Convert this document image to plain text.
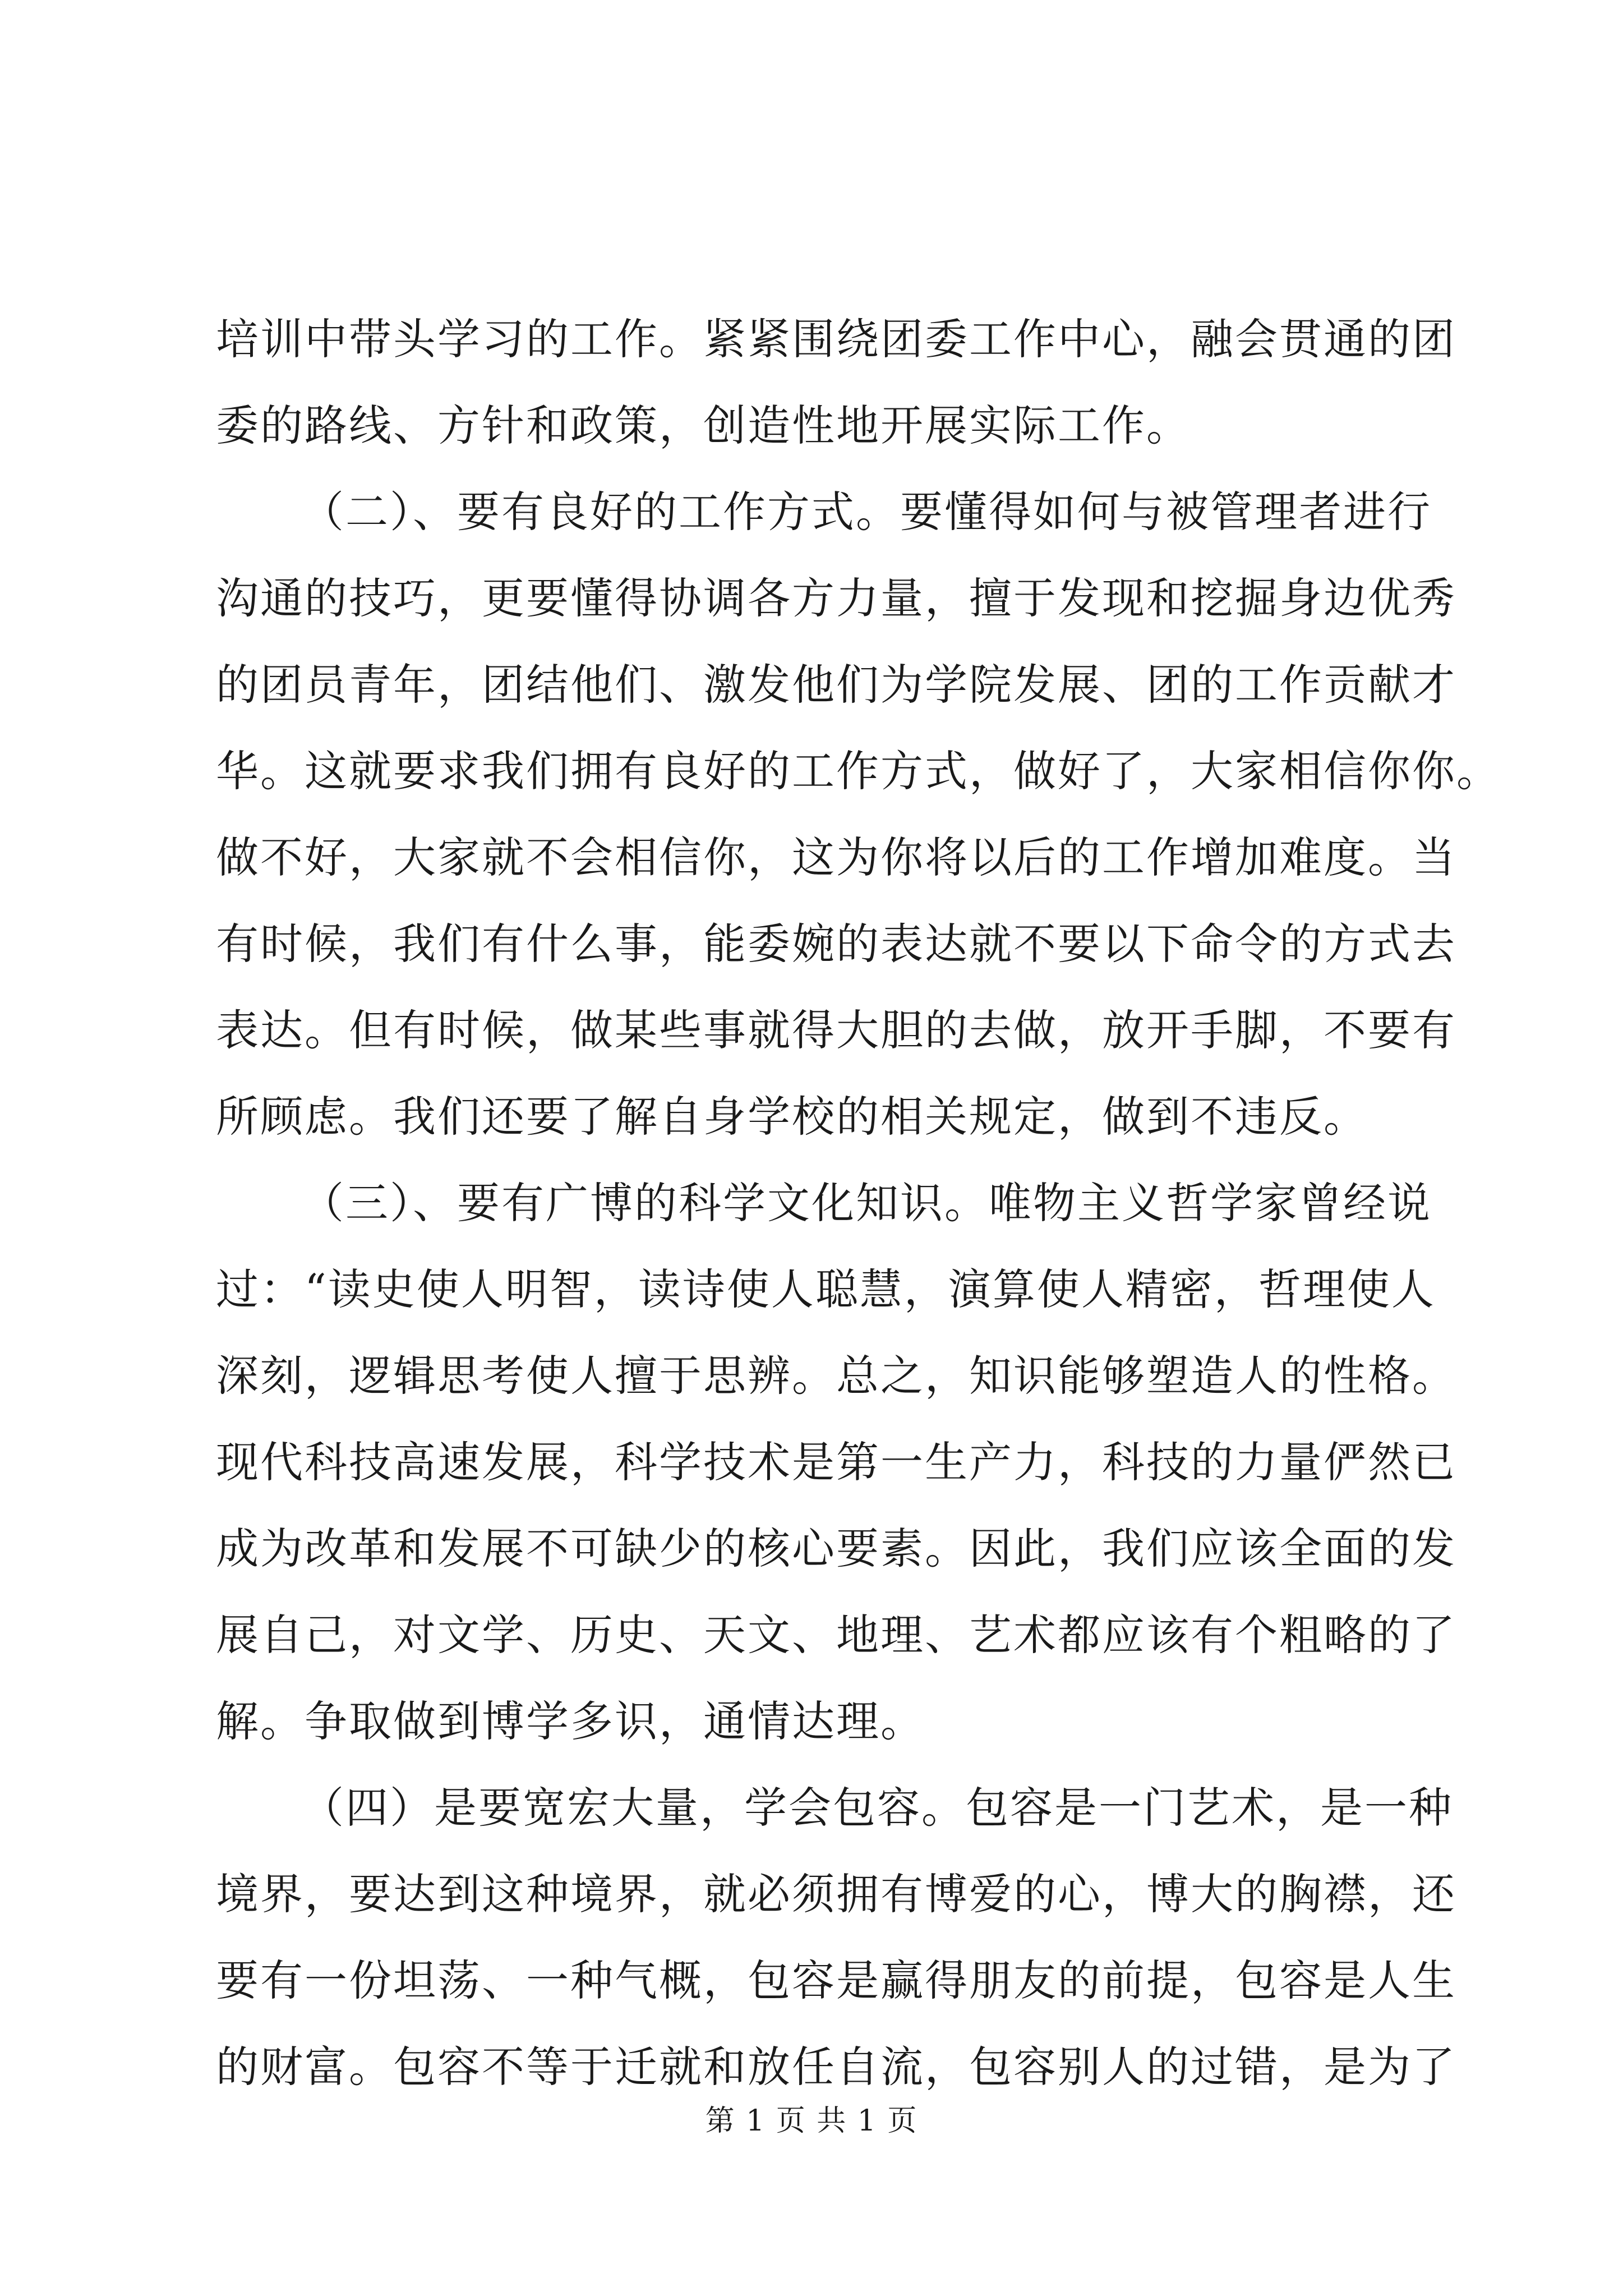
培训中带头学习的工作。紧紧围绕团委工作中心，融会贯通的团
委的路线、方针和政策，创造性地开展实际工作。
（二）、要有良好的工作方式。要懂得如何与被管理者进行
沟通的技巧，更要懂得协调各方力量，擅于发现和挖掘身边优秀
的团员青年，团结他们、激发他们为学院发展、团的工作贡献才
华。这就要求我们拥有良好的工作方式，做好了，大家相信你你。
做不好，大家就不会相信你，这为你将以后的工作增加难度。当
有时候，我们有什么事，能委婉的表达就不要以下命令的方式去
表达。但有时候，做某些事就得大胆的去做，放开手脚，不要有
所顾虑。我们还要了解自身学校的相关规定，做到不违反。
（三）、要有广博的科学文化知识。唯物主义哲学家曾经说
过：“读史使人明智，读诗使人聪慧，演算使人精密，哲理使人
深刻，逻辑思考使人擅于思辨。总之，知识能够塑造人的性格。
现代科技高速发展，科学技术是第一生产力，科技的力量俨然已
成为改革和发展不可缺少的核心要素。因此，我们应该全面的发
展自己，对文学、历史、天文、地理、艺术都应该有个粗略的了
解。争取做到博学多识，通情达理。
（四）是要宽宏大量，学会包容。包容是一门艺术，是一种
境界，要达到这种境界，就必须拥有博爱的心，博大的胸襟，还
要有一份坦荡、一种气概，包容是赢得朋友的前提，包容是人生
的财富。包容不等于迁就和放任自流，包容别人的过错，是为了
第 1 页 共 1 页
